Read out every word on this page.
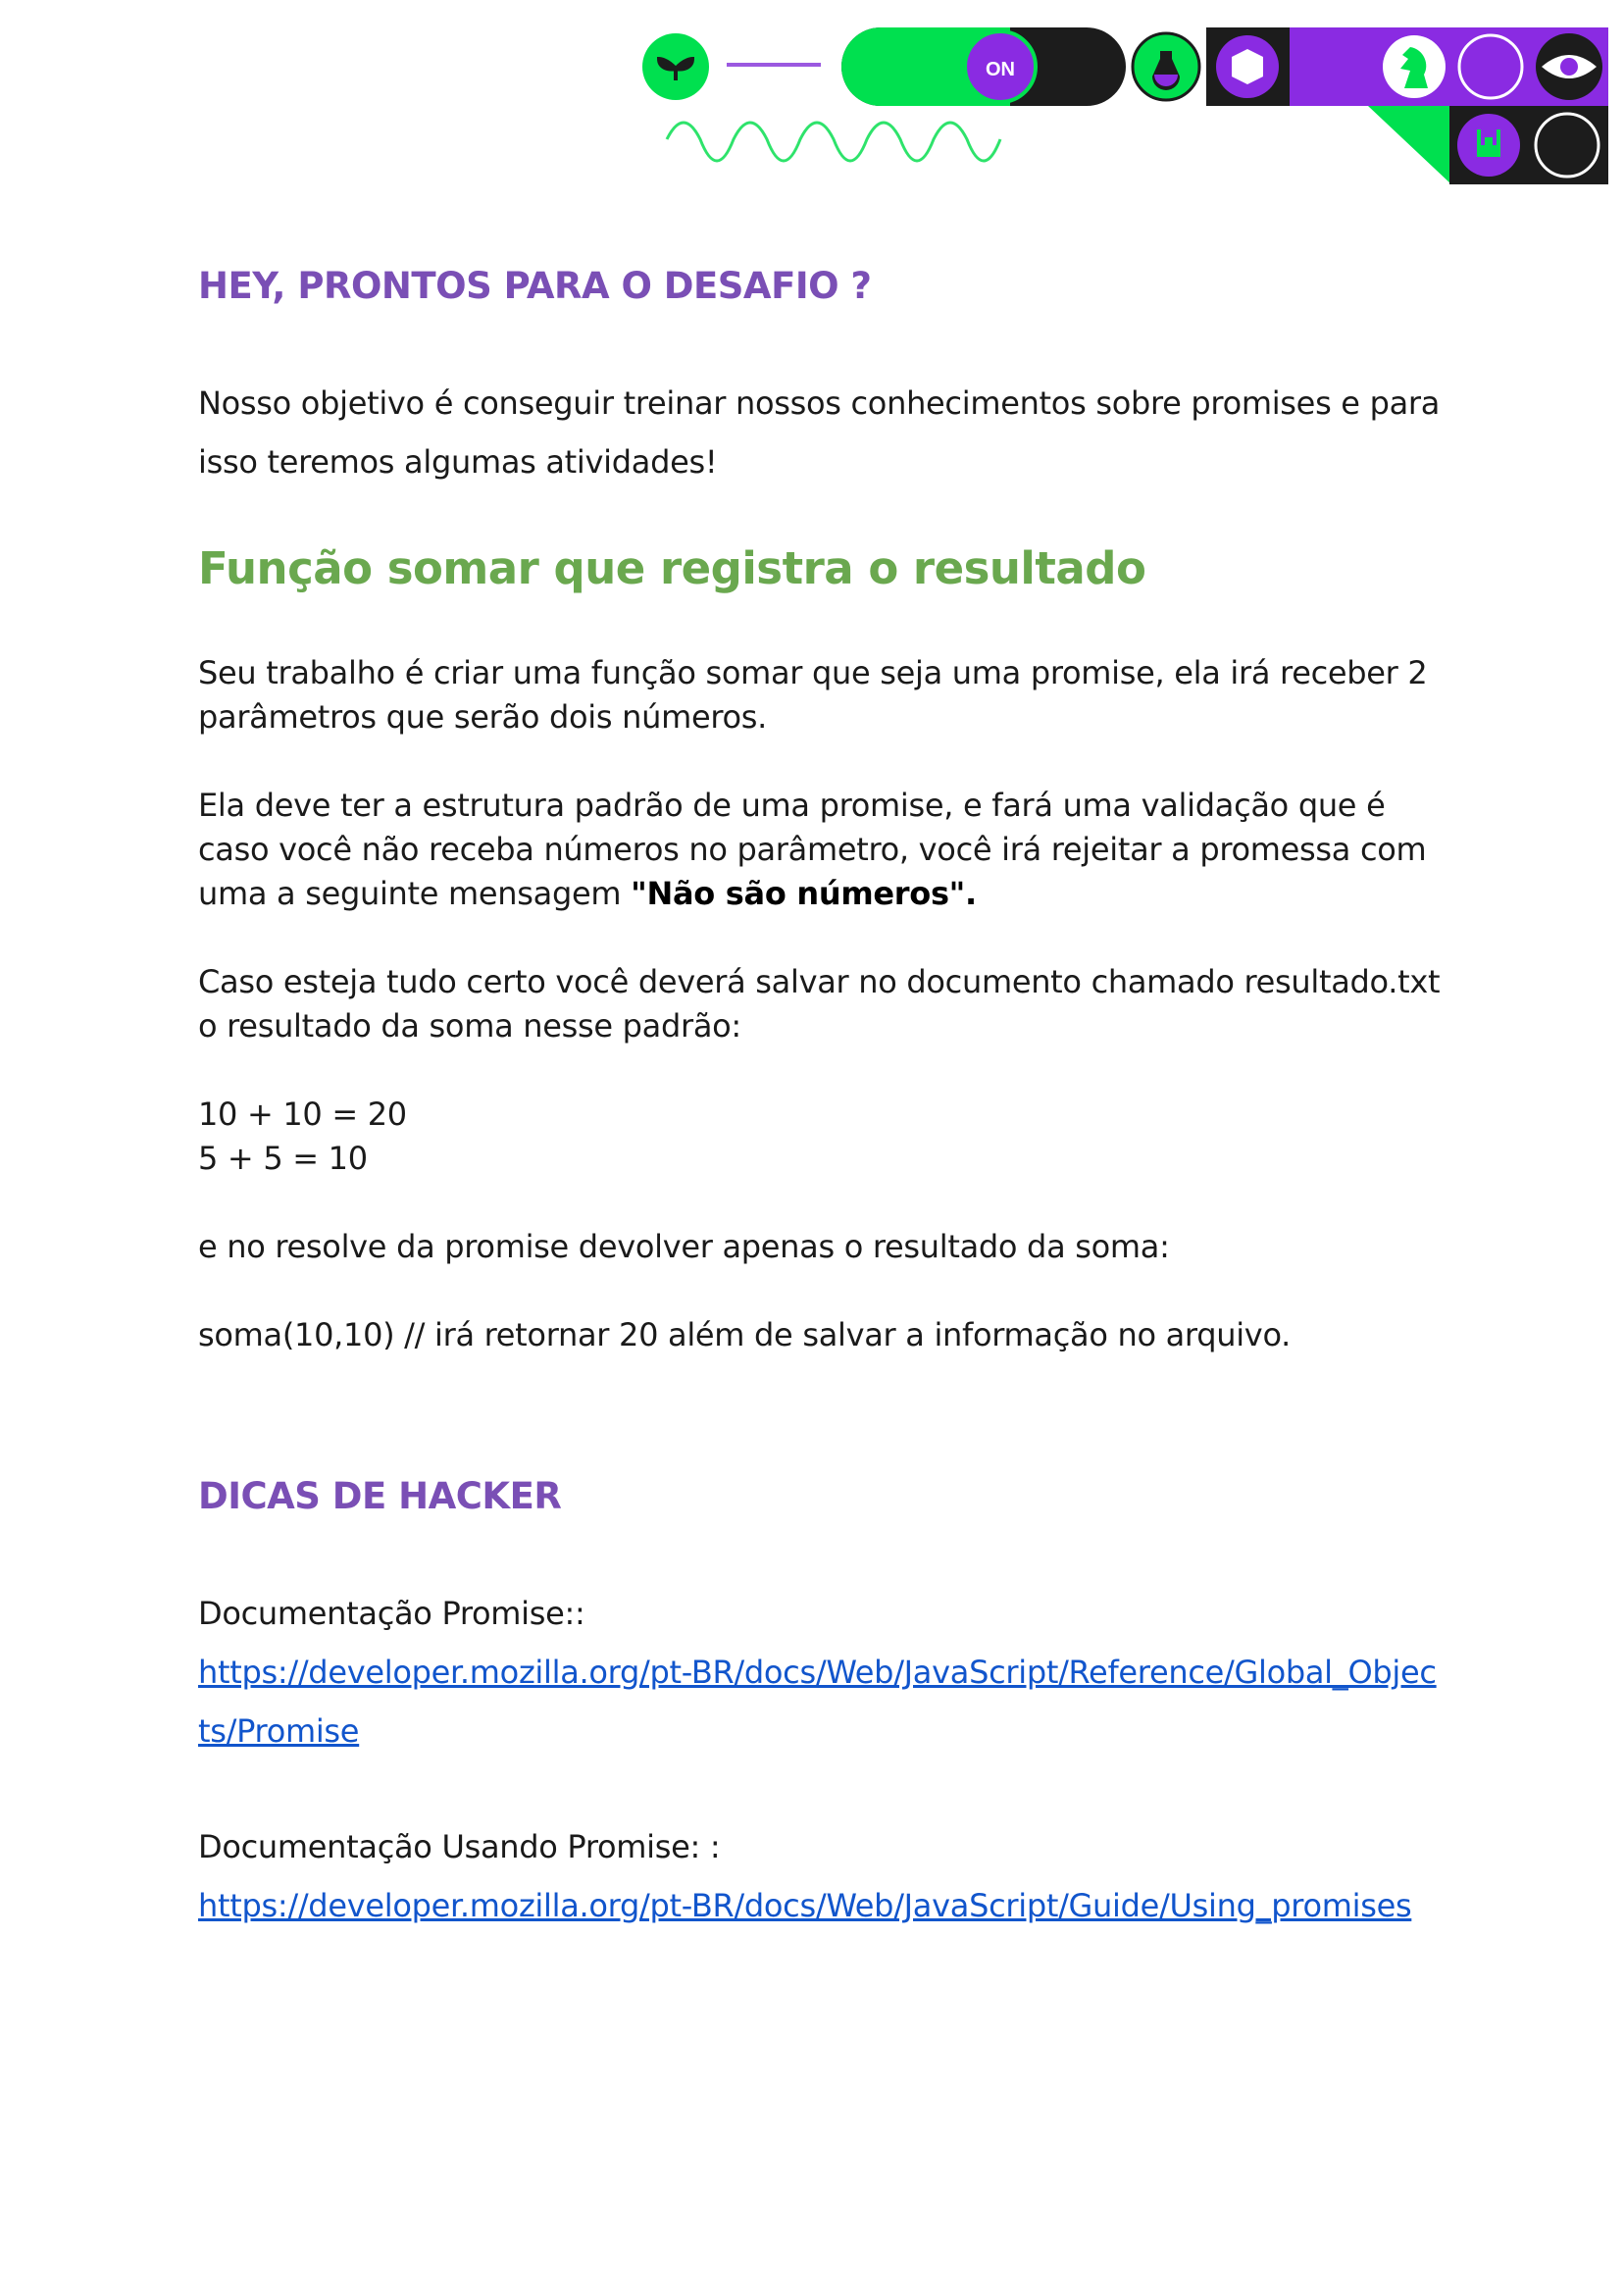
ON
HEY, PRONTOS PARA O DESAFIO ?

Nosso objetivo é conseguir treinar nossos conhecimentos sobre promises e para isso teremos algumas atividades!

Função somar que registra o resultado

Seu trabalho é criar uma função somar que seja uma promise, ela irá receber 2 parâmetros que serão dois números.

Ela deve ter a estrutura padrão de uma promise, e fará uma validação que é caso você não receba números no parâmetro, você irá rejeitar a promessa com uma a seguinte mensagem "Não são números".

Caso esteja tudo certo você deverá salvar no documento chamado resultado.txt o resultado da soma nesse padrão:

10 + 10 = 20

5 + 5 = 10

e no resolve da promise devolver apenas o resultado da soma:

soma(10,10) // irá retornar 20 além de salvar a informação no arquivo.

DICAS DE HACKER

Documentação Promise::
https://developer.mozilla.org/pt-BR/docs/Web/JavaScript/Reference/Global_Objects/Promise

Documentação Usando Promise: :
https://developer.mozilla.org/pt-BR/docs/Web/JavaScript/Guide/Using_promises
